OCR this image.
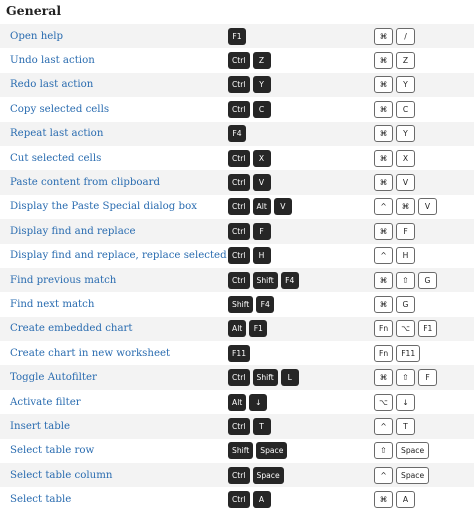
General
Open help	F1	⌘	/
Undo last action	Ctrl	Z	⌘	Z
Redo last action	Ctrl	Y	⌘	Y
Copy selected cells	Ctrl	C	⌘	C
Repeat last action	F4	⌘	Y
Cut selected cells	Ctrl	X	⌘	X
Paste content from clipboard	Ctrl	V	⌘	V
Display the Paste Special dialog box	Ctrl	Alt	V	^	⌘	V
Display find and replace	Ctrl	F	⌘	F
Display find and replace, replace selected Ctrl	H	^	H
Find previous match	Ctrl	Shift	F4	⌘	⇧	G
Find next match	Shift	F4	⌘	G
Create embedded chart	Alt	F1	Fn	⌥	F1
Create chart in new worksheet	F11	Fn	F11
Toggle Autofilter	Ctrl	Shift	L	⌘	⇧	F
Activate filter	Alt	↓	⌥	↓
Insert table	Ctrl	T	^	T
Select table row	Shift	Space	⇧	Space
Select table column	Ctrl	Space	^	Space
Select table	Ctrl	A	⌘	A
